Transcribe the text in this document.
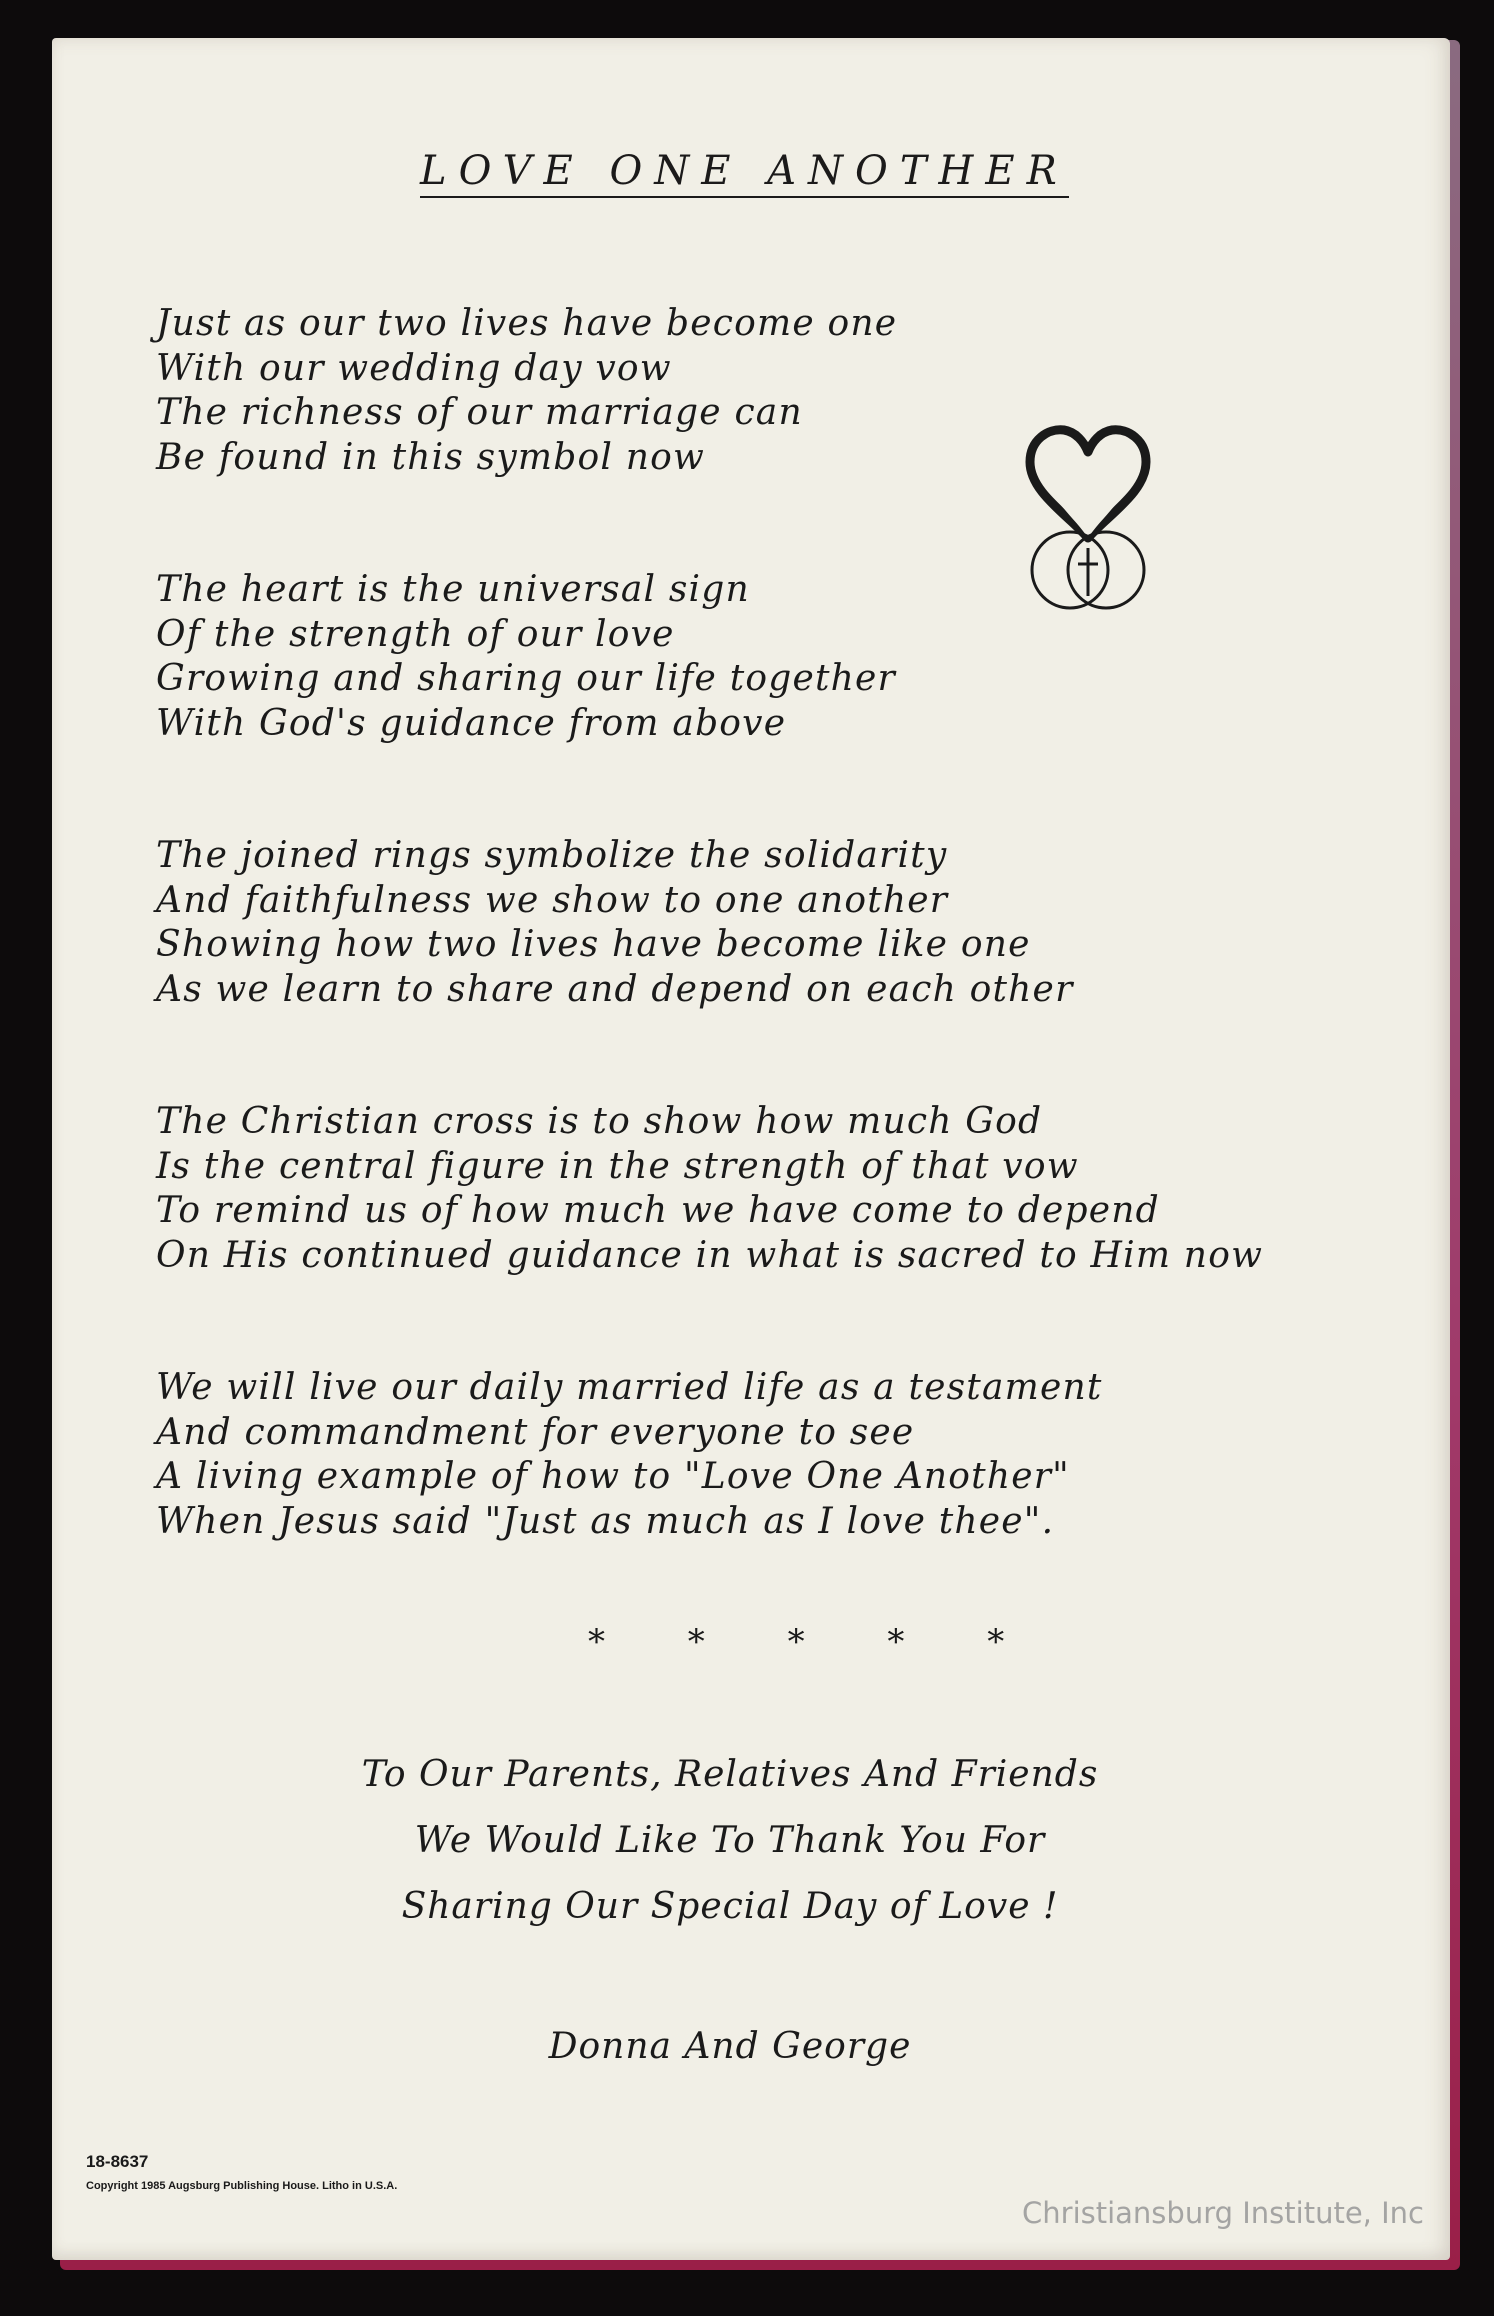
LOVE ONE ANOTHER
Just as our two lives have become one
With our wedding day vow
The richness of our marriage can
Be found in this symbol now
The heart is the universal sign
Of the strength of our love
Growing and sharing our life together
With God's guidance from above
The joined rings symbolize the solidarity
And faithfulness we show to one another
Showing how two lives have become like one
As we learn to share and depend on each other
The Christian cross is to show how much God
Is the central figure in the strength of that vow
To remind us of how much we have come to depend
On His continued guidance in what is sacred to Him now
We will live our daily married life as a testament
And commandment for everyone to see
A living example of how to "Love One Another"
When Jesus said "Just as much as I love thee".
* * * * *
To Our Parents, Relatives And Friends
We Would Like To Thank You For
Sharing Our Special Day of Love !
Donna And George
18-8637
Copyright 1985 Augsburg Publishing House. Litho in U.S.A.
Christiansburg Institute, Inc
